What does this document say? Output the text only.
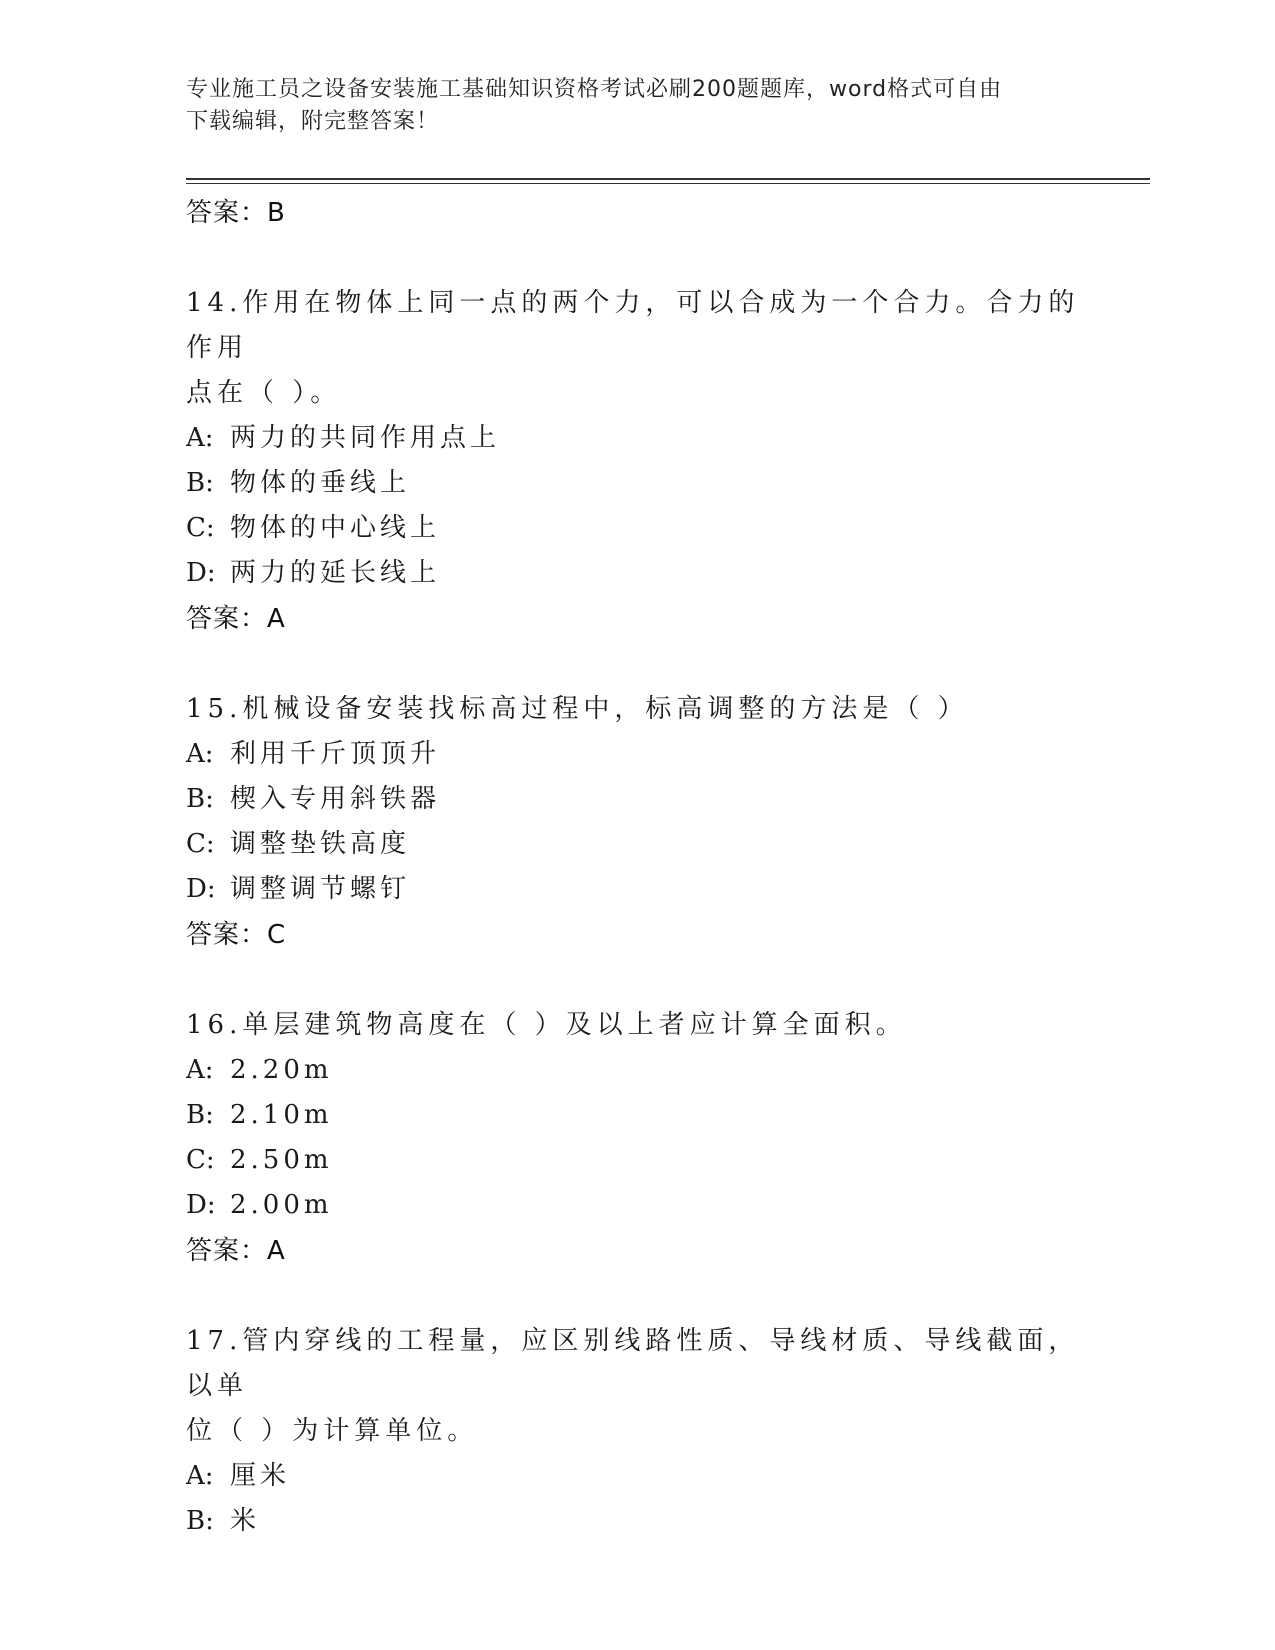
专业施工员之设备安装施工基础知识资格考试必刷200题题库，word格式可自由
下载编辑，附完整答案！
答案：B
14.作用在物体上同一点的两个力，可以合成为一个合力。合力的作用
点在（ ）。
A: 两力的共同作用点上
B: 物体的垂线上
C: 物体的中心线上
D: 两力的延长线上
答案：A
15.机械设备安装找标高过程中，标高调整的方法是（ ）
A: 利用千斤顶顶升
B: 楔入专用斜铁器
C: 调整垫铁高度
D: 调整调节螺钉
答案：C
16.单层建筑物高度在（ ）及以上者应计算全面积。
A: 2.20m
B: 2.10m
C: 2.50m
D: 2.00m
答案：A
17.管内穿线的工程量，应区别线路性质、导线材质、导线截面，以单
位（ ）为计算单位。
A: 厘米
B: 米
